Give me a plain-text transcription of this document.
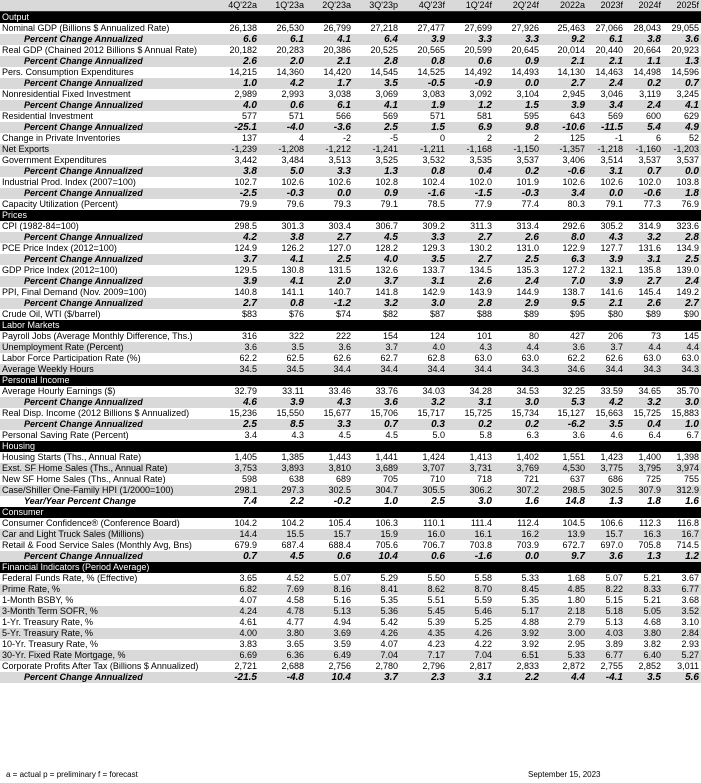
	4Q'22a	1Q'23a	2Q'23a	3Q'23p	4Q'23f	1Q'24f	2Q'24f		2022a	2023f	2024f	2025f
Output												
Nominal GDP (Billions $ Annualized Rate)	26,138	26,530	26,799	27,218	27,477	27,699	27,926		25,463	27,066	28,043	29,055
Percent Change Annualized	6.6	6.1	4.1	6.4	3.9	3.3	3.3		9.2	6.1	3.8	3.6
Real GDP (Chained 2012 Billions $ Annual Rate)	20,182	20,283	20,386	20,525	20,565	20,599	20,645		20,014	20,440	20,664	20,923
Percent Change Annualized	2.6	2.0	2.1	2.8	0.8	0.6	0.9		2.1	2.1	1.1	1.3
Pers. Consumption Expenditures	14,215	14,360	14,420	14,545	14,525	14,492	14,493		14,130	14,463	14,498	14,596
Percent Change Annualized	1.0	4.2	1.7	3.5	-0.5	-0.9	0.0		2.7	2.4	0.2	0.7
Nonresidential Fixed Investment	2,989	2,993	3,038	3,069	3,083	3,092	3,104		2,945	3,046	3,119	3,245
Percent Change Annualized	4.0	0.6	6.1	4.1	1.9	1.2	1.5		3.9	3.4	2.4	4.1
Residential Investment	577	571	566	569	571	581	595		643	569	600	629
Percent Change Annualized	-25.1	-4.0	-3.6	2.5	1.5	6.9	9.8		-10.6	-11.5	5.4	4.9
Change in Private Inventories	137	4	-2	-5	0	2	2		125	-1	6	52
Net Exports	-1,239	-1,208	-1,212	-1,241	-1,211	-1,168	-1,150		-1,357	-1,218	-1,160	-1,203
Government Expenditures	3,442	3,484	3,513	3,525	3,532	3,535	3,537		3,406	3,514	3,537	3,537
Percent Change Annualized	3.8	5.0	3.3	1.3	0.8	0.4	0.2		-0.6	3.1	0.7	0.0
Industrial Prod. Index (2007=100)	102.7	102.6	102.6	102.8	102.4	102.0	101.9		102.6	102.6	102.0	103.8
Percent Change Annualized	-2.5	-0.3	0.0	0.9	-1.6	-1.5	-0.3		3.4	0.0	-0.6	1.8
Capacity Utilization (Percent)	79.9	79.6	79.3	79.1	78.5	77.9	77.4		80.3	79.1	77.3	76.9
Prices												
CPI (1982-84=100)	298.5	301.3	303.4	306.7	309.2	311.3	313.4		292.6	305.2	314.9	323.6
Percent Change Annualized	4.2	3.8	2.7	4.5	3.3	2.7	2.6		8.0	4.3	3.2	2.8
PCE Price Index (2012=100)	124.9	126.2	127.0	128.2	129.3	130.2	131.0		122.9	127.7	131.6	134.9
Percent Change Annualized	3.7	4.1	2.5	4.0	3.5	2.7	2.5		6.3	3.9	3.1	2.5
GDP Price Index (2012=100)	129.5	130.8	131.5	132.6	133.7	134.5	135.3		127.2	132.1	135.8	139.0
Percent Change Annualized	3.9	4.1	2.0	3.7	3.1	2.6	2.4		7.0	3.9	2.7	2.4
PPI, Final Demand (Nov. 2009=100)	140.8	141.1	140.7	141.8	142.9	143.9	144.9		138.7	141.6	145.4	149.2
Percent Change Annualized	2.7	0.8	-1.2	3.2	3.0	2.8	2.9		9.5	2.1	2.6	2.7
Crude Oil, WTI ($/barrel)	$83	$76	$74	$82	$87	$88	$89		$95	$80	$89	$90
Labor Markets												
Payroll Jobs (Average Monthly Difference, Ths.)	316	322	222	154	124	101	80		427	206	73	145
Unemployment Rate (Percent)	3.6	3.5	3.6	3.7	4.0	4.3	4.4		3.6	3.7	4.4	4.4
Labor Force Participation Rate (%)	62.2	62.5	62.6	62.7	62.8	63.0	63.0		62.2	62.6	63.0	63.0
Average Weekly Hours	34.5	34.5	34.4	34.4	34.4	34.4	34.3		34.6	34.4	34.3	34.3
Personal Income												
Average Hourly Earnings ($)	32.79	33.11	33.46	33.76	34.03	34.28	34.53		32.25	33.59	34.65	35.70
Percent Change Annualized	4.6	3.9	4.3	3.6	3.2	3.1	3.0		5.3	4.2	3.2	3.0
Real Disp. Income (2012 Billions $ Annualized)	15,236	15,550	15,677	15,706	15,717	15,725	15,734		15,127	15,663	15,725	15,883
Percent Change Annualized	2.5	8.5	3.3	0.7	0.3	0.2	0.2		-6.2	3.5	0.4	1.0
Personal Saving Rate (Percent)	3.4	4.3	4.5	4.5	5.0	5.8	6.3		3.6	4.6	6.4	6.7
Housing												
Housing Starts (Ths., Annual Rate)	1,405	1,385	1,443	1,441	1,424	1,413	1,402		1,551	1,423	1,400	1,398
Exst. SF Home Sales (Ths., Annual Rate)	3,753	3,893	3,810	3,689	3,707	3,731	3,769		4,530	3,775	3,795	3,974
New SF Home Sales (Ths., Annual Rate)	598	638	689	705	710	718	721		637	686	725	755
Case/Shiller One-Family HPI (1/2000=100)	298.1	297.3	302.5	304.7	305.5	306.2	307.2		298.5	302.5	307.9	312.9
Year/Year Percent Change	7.4	2.2	-0.2	1.0	2.5	3.0	1.6		14.8	1.3	1.8	1.6
Consumer												
Consumer Confidence® (Conference Board)	104.2	104.2	105.4	106.3	110.1	111.4	112.4		104.5	106.6	112.3	116.8
Car and Light Truck Sales (Millions)	14.4	15.5	15.7	15.9	16.0	16.1	16.2		13.9	15.7	16.3	16.7
Retail & Food Service Sales (Monthly Avg, Bns)	679.9	687.4	688.4	705.6	706.7	703.8	703.9		672.7	697.0	705.8	714.5
Percent Change Annualized	0.7	4.5	0.6	10.4	0.6	-1.6	0.0		9.7	3.6	1.3	1.2
Financial Indicators (Period Average)												
Federal Funds Rate, % (Effective)	3.65	4.52	5.07	5.29	5.50	5.58	5.33		1.68	5.07	5.21	3.67
Prime Rate, %	6.82	7.69	8.16	8.41	8.62	8.70	8.45		4.85	8.22	8.33	6.77
1-Month BSBY, %	4.07	4.58	5.16	5.35	5.51	5.59	5.35		1.80	5.15	5.21	3.68
3-Month Term SOFR, %	4.24	4.78	5.13	5.36	5.45	5.46	5.17		2.18	5.18	5.05	3.52
1-Yr. Treasury Rate, %	4.61	4.77	4.94	5.42	5.39	5.25	4.88		2.79	5.13	4.68	3.10
5-Yr. Treasury Rate, %	4.00	3.80	3.69	4.26	4.35	4.26	3.92		3.00	4.03	3.80	2.84
10-Yr. Treasury Rate, %	3.83	3.65	3.59	4.07	4.23	4.22	3.92		2.95	3.89	3.82	2.93
30-Yr. Fixed Rate Mortgage, %	6.69	6.36	6.49	7.04	7.17	7.04	6.51		5.33	6.77	6.40	5.27
Corporate Profits After Tax (Billions $ Annualized)	2,721	2,688	2,756	2,780	2,796	2,817	2,833		2,872	2,755	2,852	3,011
Percent Change Annualized	-21.5	-4.8	10.4	3.7	2.3	3.1	2.2		4.4	-4.1	3.5	5.6
a = actual p = preliminary f = forecast	September 15, 2023
